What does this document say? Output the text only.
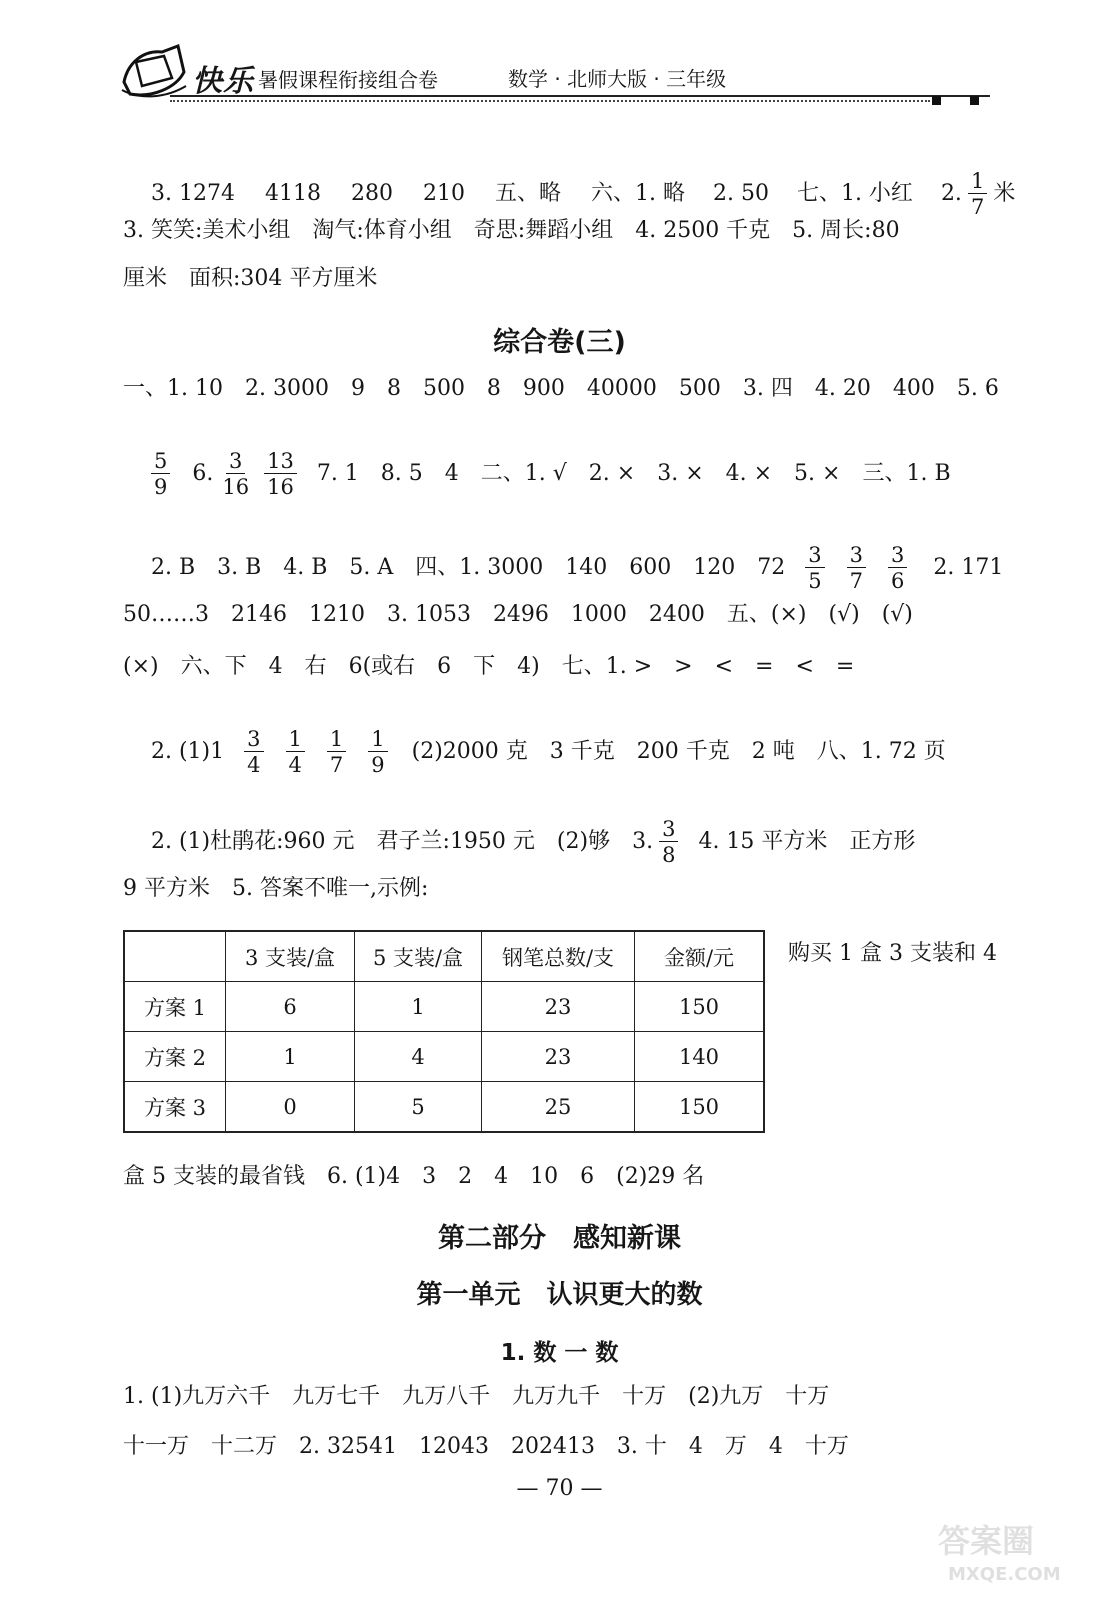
快乐 暑假课程衔接组合卷	数学 · 北师大版 · 三年级

3. 1274 4118 280 210 五、略 六、1. 略 2. 50 七、1. 小红 2. $\frac{1}{7}$ 米

3. 笑笑:美术小组　淘气:体育小组　奇思:舞蹈小组　4. 2500 千克　5. 周长:80
厘米　面积:304 平方厘米
综合卷(三)
一、1. 10　2. 3000　9　8　500　8　900　40000　500　3. 四　4. 20　400　5. 6

$\frac{5}{9} 6$. $\frac{3}{16} \frac{13}{16} 7$. 1　8. 5　4　二、1. √　2. ×　3. ×　4. ×　5. ×　三、1. B

2. B　3. B　4. B　5. A　四、1. 3000　140　600　120　$72 \frac{3}{5} \frac{3}{7} \frac{3}{6} 2$. 171

50……3　2146　1210　3. 1053　2496　1000　2400　五、(×)　(√)　(√)
(×)　六、下　4　右　6(或右　6　下　4)　七、1. >　>　<　=　<　=

2. $(1)1 \frac{3}{4} \frac{1}{4} \frac{1}{7} \frac{1}{9} (2)2000$ 克　3 千克　200 千克　2 吨　八、1. 72 页

2. (1)杜鹃花:960 元　君子兰:1950 元　(2)够　3. $\frac{3}{8} 4$. 15 平方米　正方形

9 平方米　5. 答案不唯一,示例:
	3 支装/盒	5 支装/盒	钢笔总数/支	金额/元
方案 1	6	1	23	150
方案 2	1	4	23	140
方案 3	0	5	25	150
购买 1 盒 3 支装和 4
盒 5 支装的最省钱　6. (1)4　3　2　4　10　6　(2)29 名
第二部分　感知新课
第一单元　认识更大的数
1. 数 一 数
1. (1)九万六千　九万七千　九万八千　九万九千　十万　(2)九万　十万
十一万　十二万　2. 32541　12043　202413　3. 十　4　万　4　十万
— 70 —
答案圈
MXQE.COM
